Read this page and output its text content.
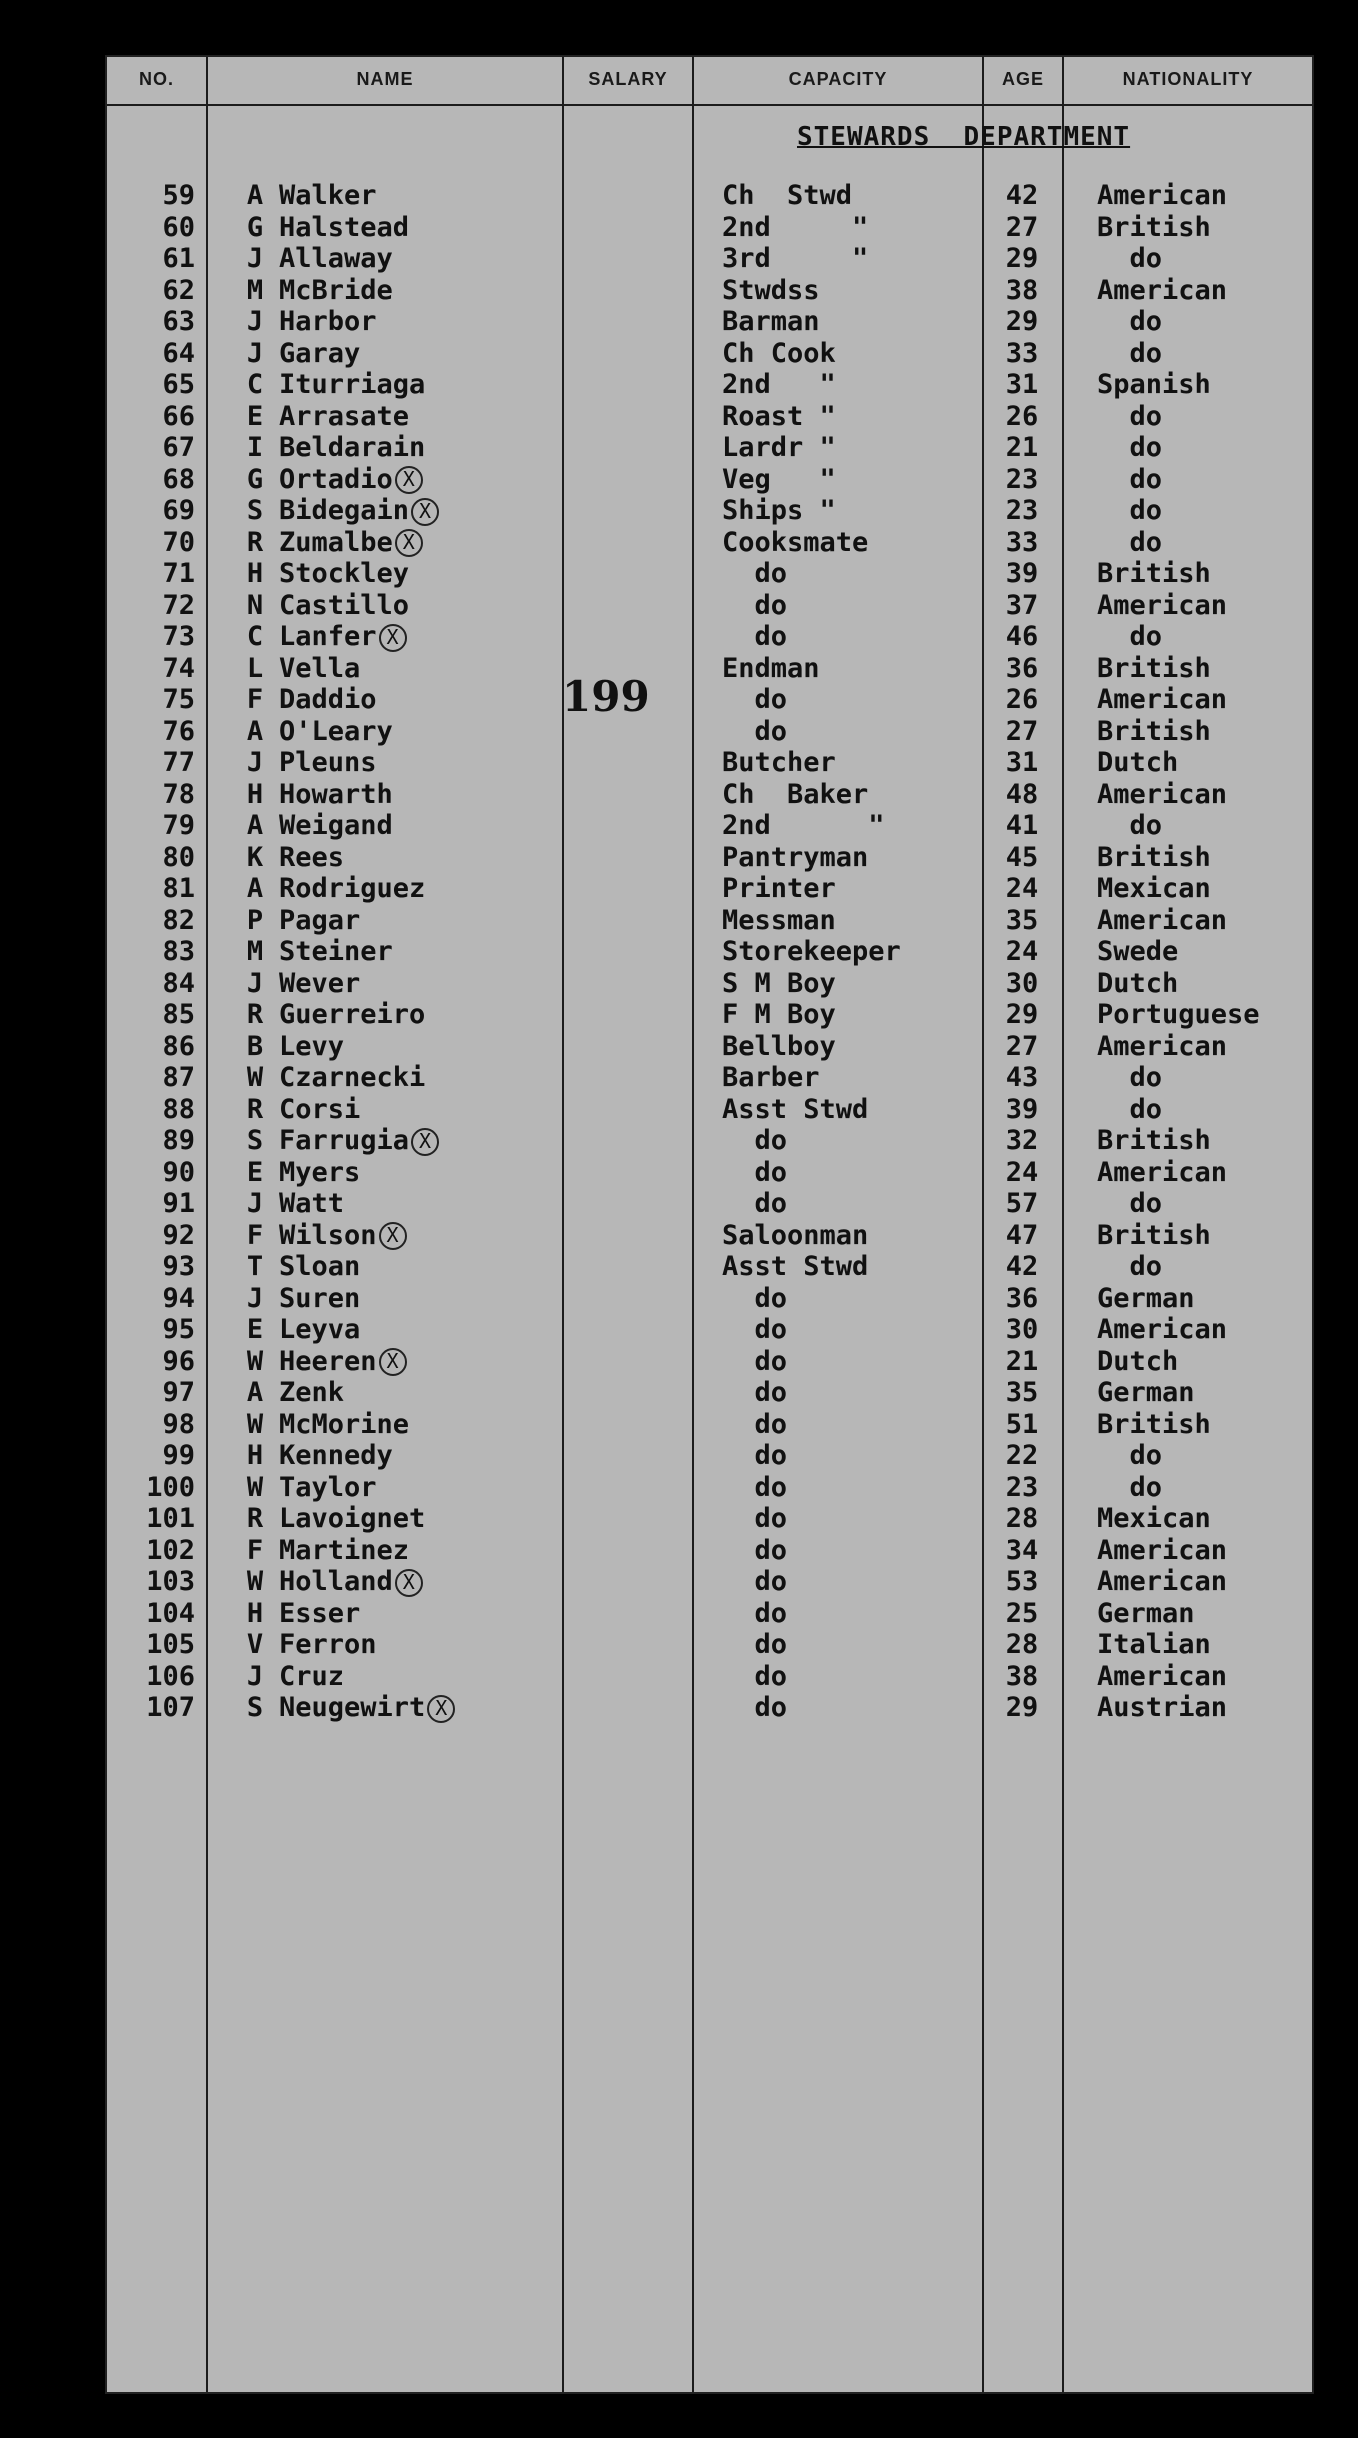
NO.	NAME	SALARY	CAPACITY	AGE	NATIONALITY
STEWARDS  DEPARTMENT
199
59 A Walker	Ch  Stwd	42	American
60 G Halstead	2nd     "	27	British
61 J Allaway	3rd     "	29	do
62 M McBride	Stwdss	38	American
63 J Harbor	Barman	29	do
64 J Garay	Ch Cook	33	do
65 C Iturriaga	2nd   "	31	Spanish
66 E Arrasate	Roast "	26	do
67 I Beldarain	Lardr "	21	do
68 G Ortadio X	Veg   "	23	do
69 S Bidegain X	Ships "	23	do
70 R Zumalbe X	Cooksmate	33	do
71 H Stockley	do	39	British
72 N Castillo	do	37	American
73 C Lanfer X	do	46	do
74 L Vella	Endman	36	British
75 F Daddio	do	26	American
76 A O'Leary	do	27	British
77 J Pleuns	Butcher	31	Dutch
78 H Howarth	Ch  Baker	48	American
79 A Weigand	2nd      "	41	do
80 K Rees	Pantryman	45	British
81 A Rodriguez	Printer	24	Mexican
82 P Pagar	Messman	35	American
83 M Steiner	Storekeeper	24	Swede
84 J Wever	S M Boy	30	Dutch
85 R Guerreiro	F M Boy	29	Portuguese
86 B Levy	Bellboy	27	American
87 W Czarnecki	Barber	43	do
88 R Corsi	Asst Stwd	39	do
89 S Farrugia X	do	32	British
90 E Myers	do	24	American
91 J Watt	do	57	do
92 F Wilson X	Saloonman	47	British
93 T Sloan	Asst Stwd	42	do
94 J Suren	do	36	German
95 E Leyva	do	30	American
96 W Heeren X	do	21	Dutch
97 A Zenk	do	35	German
98 W McMorine	do	51	British
99 H Kennedy	do	22	do
100 W Taylor	do	23	do
101 R Lavoignet	do	28	Mexican
102 F Martinez	do	34	American
103 W Holland X	do	53	American
104 H Esser	do	25	German
105 V Ferron	do	28	Italian
106 J Cruz	do	38	American
107 S Neugewirt X	do	29	Austrian
